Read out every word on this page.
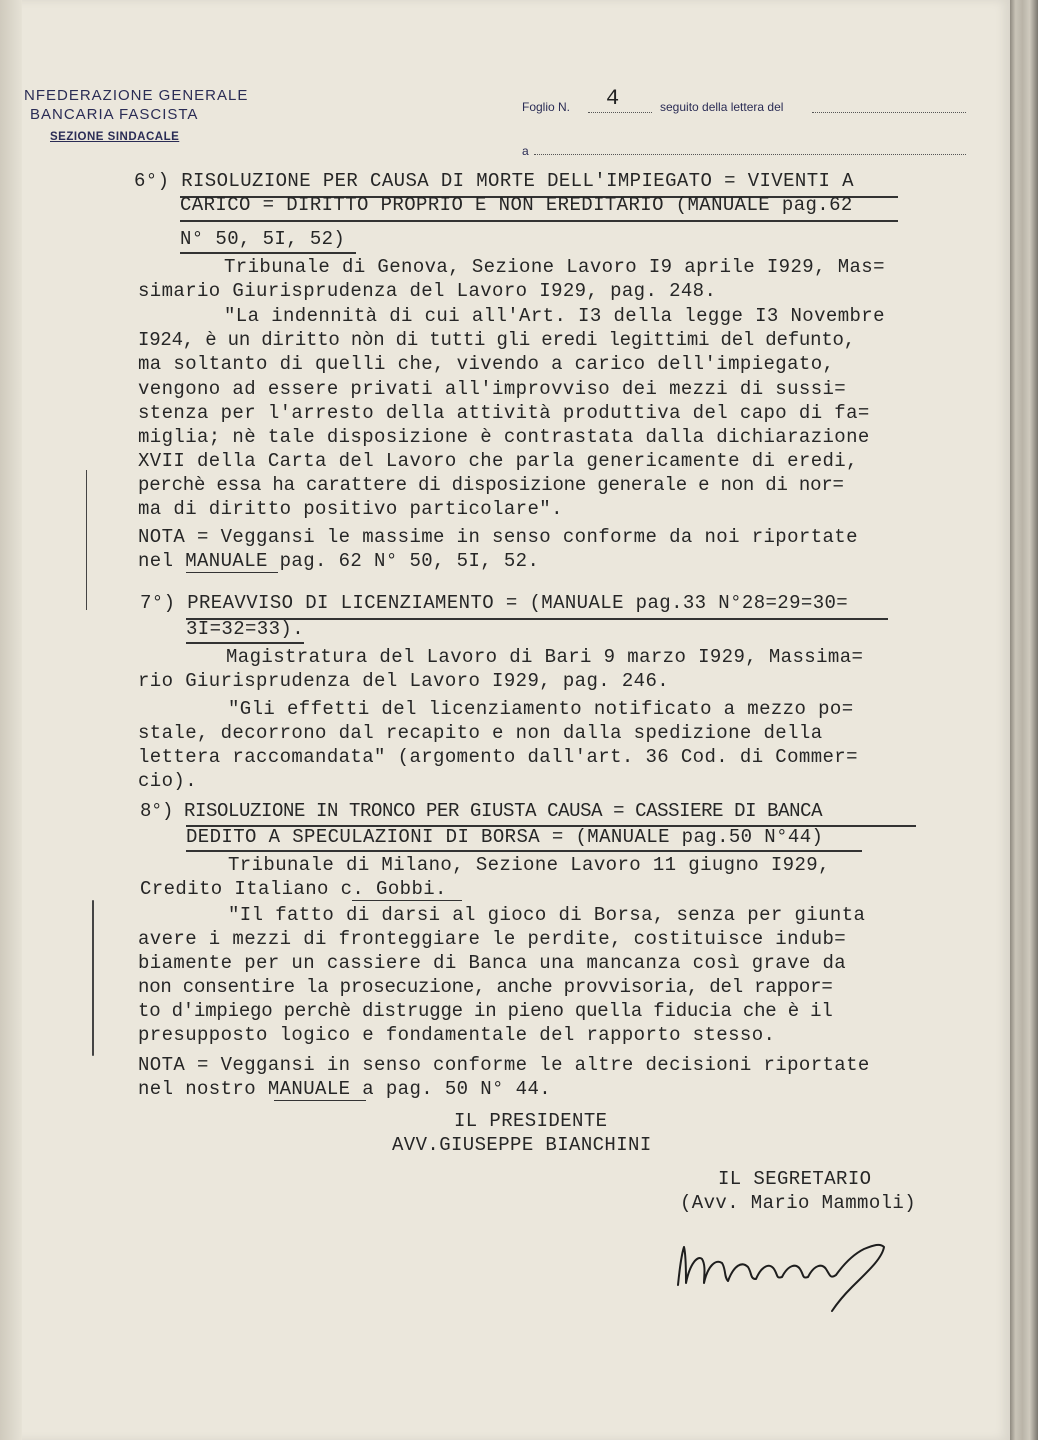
NFEDERAZIONE GENERALE
BANCARIA FASCISTA
SEZIONE SINDACALE
Foglio N. 4	seguito della lettera del
a
6°) RISOLUZIONE PER CAUSA DI MORTE DELL'IMPIEGATO = VIVENTI A
CARICO = DIRITTO PROPRIO E NON EREDITARIO (MANUALE pag.62
N° 50, 5I, 52)
Tribunale di Genova, Sezione Lavoro I9 aprile I929, Mas=
simario Giurisprudenza del Lavoro I929, pag. 248.
"La indennità di cui all'Art. I3 della legge I3 Novembre
I924, è un diritto nòn di tutti gli eredi legittimi del defunto,
ma soltanto di quelli che, vivendo a carico dell'impiegato,
vengono ad essere privati all'improvviso dei mezzi di sussi=
stenza per l'arresto della attività produttiva del capo di fa=
miglia; nè tale disposizione è contrastata dalla dichiarazione
XVII della Carta del Lavoro che parla genericamente di eredi,
perchè essa ha carattere di disposizione generale e non di nor=
ma di diritto positivo particolare".
NOTA = Veggansi le massime in senso conforme da noi riportate
nel MANUALE pag. 62 N° 50, 5I, 52.
7°) PREAVVISO DI LICENZIAMENTO = (MANUALE pag.33 N°28=29=30=
3I=32=33).
Magistratura del Lavoro di Bari 9 marzo I929, Massima=
rio Giurisprudenza del Lavoro I929, pag. 246.
"Gli effetti del licenziamento notificato a mezzo po=
stale, decorrono dal recapito e non dalla spedizione della
lettera raccomandata" (argomento dall'art. 36 Cod. di Commer=
cio).
8°) RISOLUZIONE IN TRONCO PER GIUSTA CAUSA = CASSIERE DI BANCA
DEDITO A SPECULAZIONI DI BORSA = (MANUALE pag.50 N°44)
Tribunale di Milano, Sezione Lavoro 11 giugno I929,
Credito Italiano c. Gobbi.
"Il fatto di darsi al gioco di Borsa, senza per giunta
avere i mezzi di fronteggiare le perdite, costituisce indub=
biamente per un cassiere di Banca una mancanza così grave da
non consentire la prosecuzione, anche provvisoria, del rappor=
to d'impiego perchè distrugge in pieno quella fiducia che è il
presupposto logico e fondamentale del rapporto stesso.
NOTA = Veggansi in senso conforme le altre decisioni riportate
nel nostro MANUALE a pag. 50 N° 44.
IL PRESIDENTE
AVV.GIUSEPPE BIANCHINI
IL SEGRETARIO
(Avv. Mario Mammoli)
